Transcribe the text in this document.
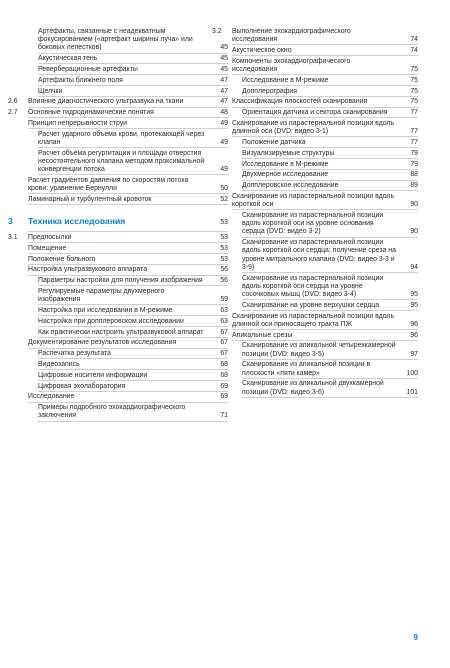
Артефакты, связанные с неадекватным фокусированием («артефакт ширины луча» или боковых лепестков)	45
Акустическая тень	45
Реверберационные артефакты	45
Артефакты ближнего поля	47
Щелчки	47
2.6 Влияние диагностического ультразвука на ткани	47
2.7 Основные гидродинамические понятия	48
Принцип непрерывности струи	49
Расчет ударного объема крови, протекающей через клапан	49
Расчет объема регургитации и площади отверстия несостоятельного клапана методом проксимальной конвергенции потока	49
Расчет градиентов давления по скоростям потока крови: уравнение Бернулли	50
Ламинарный и турбулентный кровоток	52
3 Техника исследования	53
3.1 Предпосылки	53
Помещение	53
Положение больного	53
Настройка ультразвукового аппарата	56
Параметры настройки для получения изображения	56
Регулируемые параметры двухмерного изображения	59
Настройка при исследовании в М-режиме	63
Настройка при допплеровском исследовании	63
Как практически настроить ультразвуковой аппарат	67
Документирование результатов исследования	67
Распечатка результата	67
Видеозапись	68
Цифровые носители информации	68
Цифровая эхолаборатория	69
Исследование	69
Примеры подробного эхокардиографического заключения	71
3.2 Выполнение эхокардиографического исследования	74
Акустическое окно	74
Компоненты эхокардиографического исследования	75
Исследование в М-режиме	75
Допплерография	75
Классификация плоскостей сканирования	75
Ориентация датчика и сектора сканирования	77
Сканирование из парастернальной позиции вдоль длинной оси (DVD: видео 3-1)	77
Положение датчика	77
Визуализируемые структуры	79
Исследование в М-режиме	79
Двухмерное исследование	88
Допплеровское исследование	89
Сканирование из парастернальной позиции вдоль короткой оси	90
Сканирование из парастернальной позиции вдоль короткой оси на уровне основания сердца (DVD: видео 3-2)	90
Сканирование из парастернальной позиции вдоль короткой оси сердца: получение среза на уровне митрального клапана (DVD: видео 3-3 и 3-9)	94
Сканирование из парастернальной позиции вдоль короткой оси сердца на уровне сосочковых мышц (DVD: видео 3-4)	95
Сканирование на уровне верхушки сердца	95
Сканирование из парастернальной позиции вдоль длинной оси приносящего тракта ПЖ	96
Апикальные срезы	96
Сканирование из апикальной четырехкамерной позиции (DVD: видео 3-5)	97
Сканирование из апикальной позиции в плоскости «пяти камер»	100
Сканирование из апикальной двухкамерной позиции (DVD: видео 3-6)	101
9
